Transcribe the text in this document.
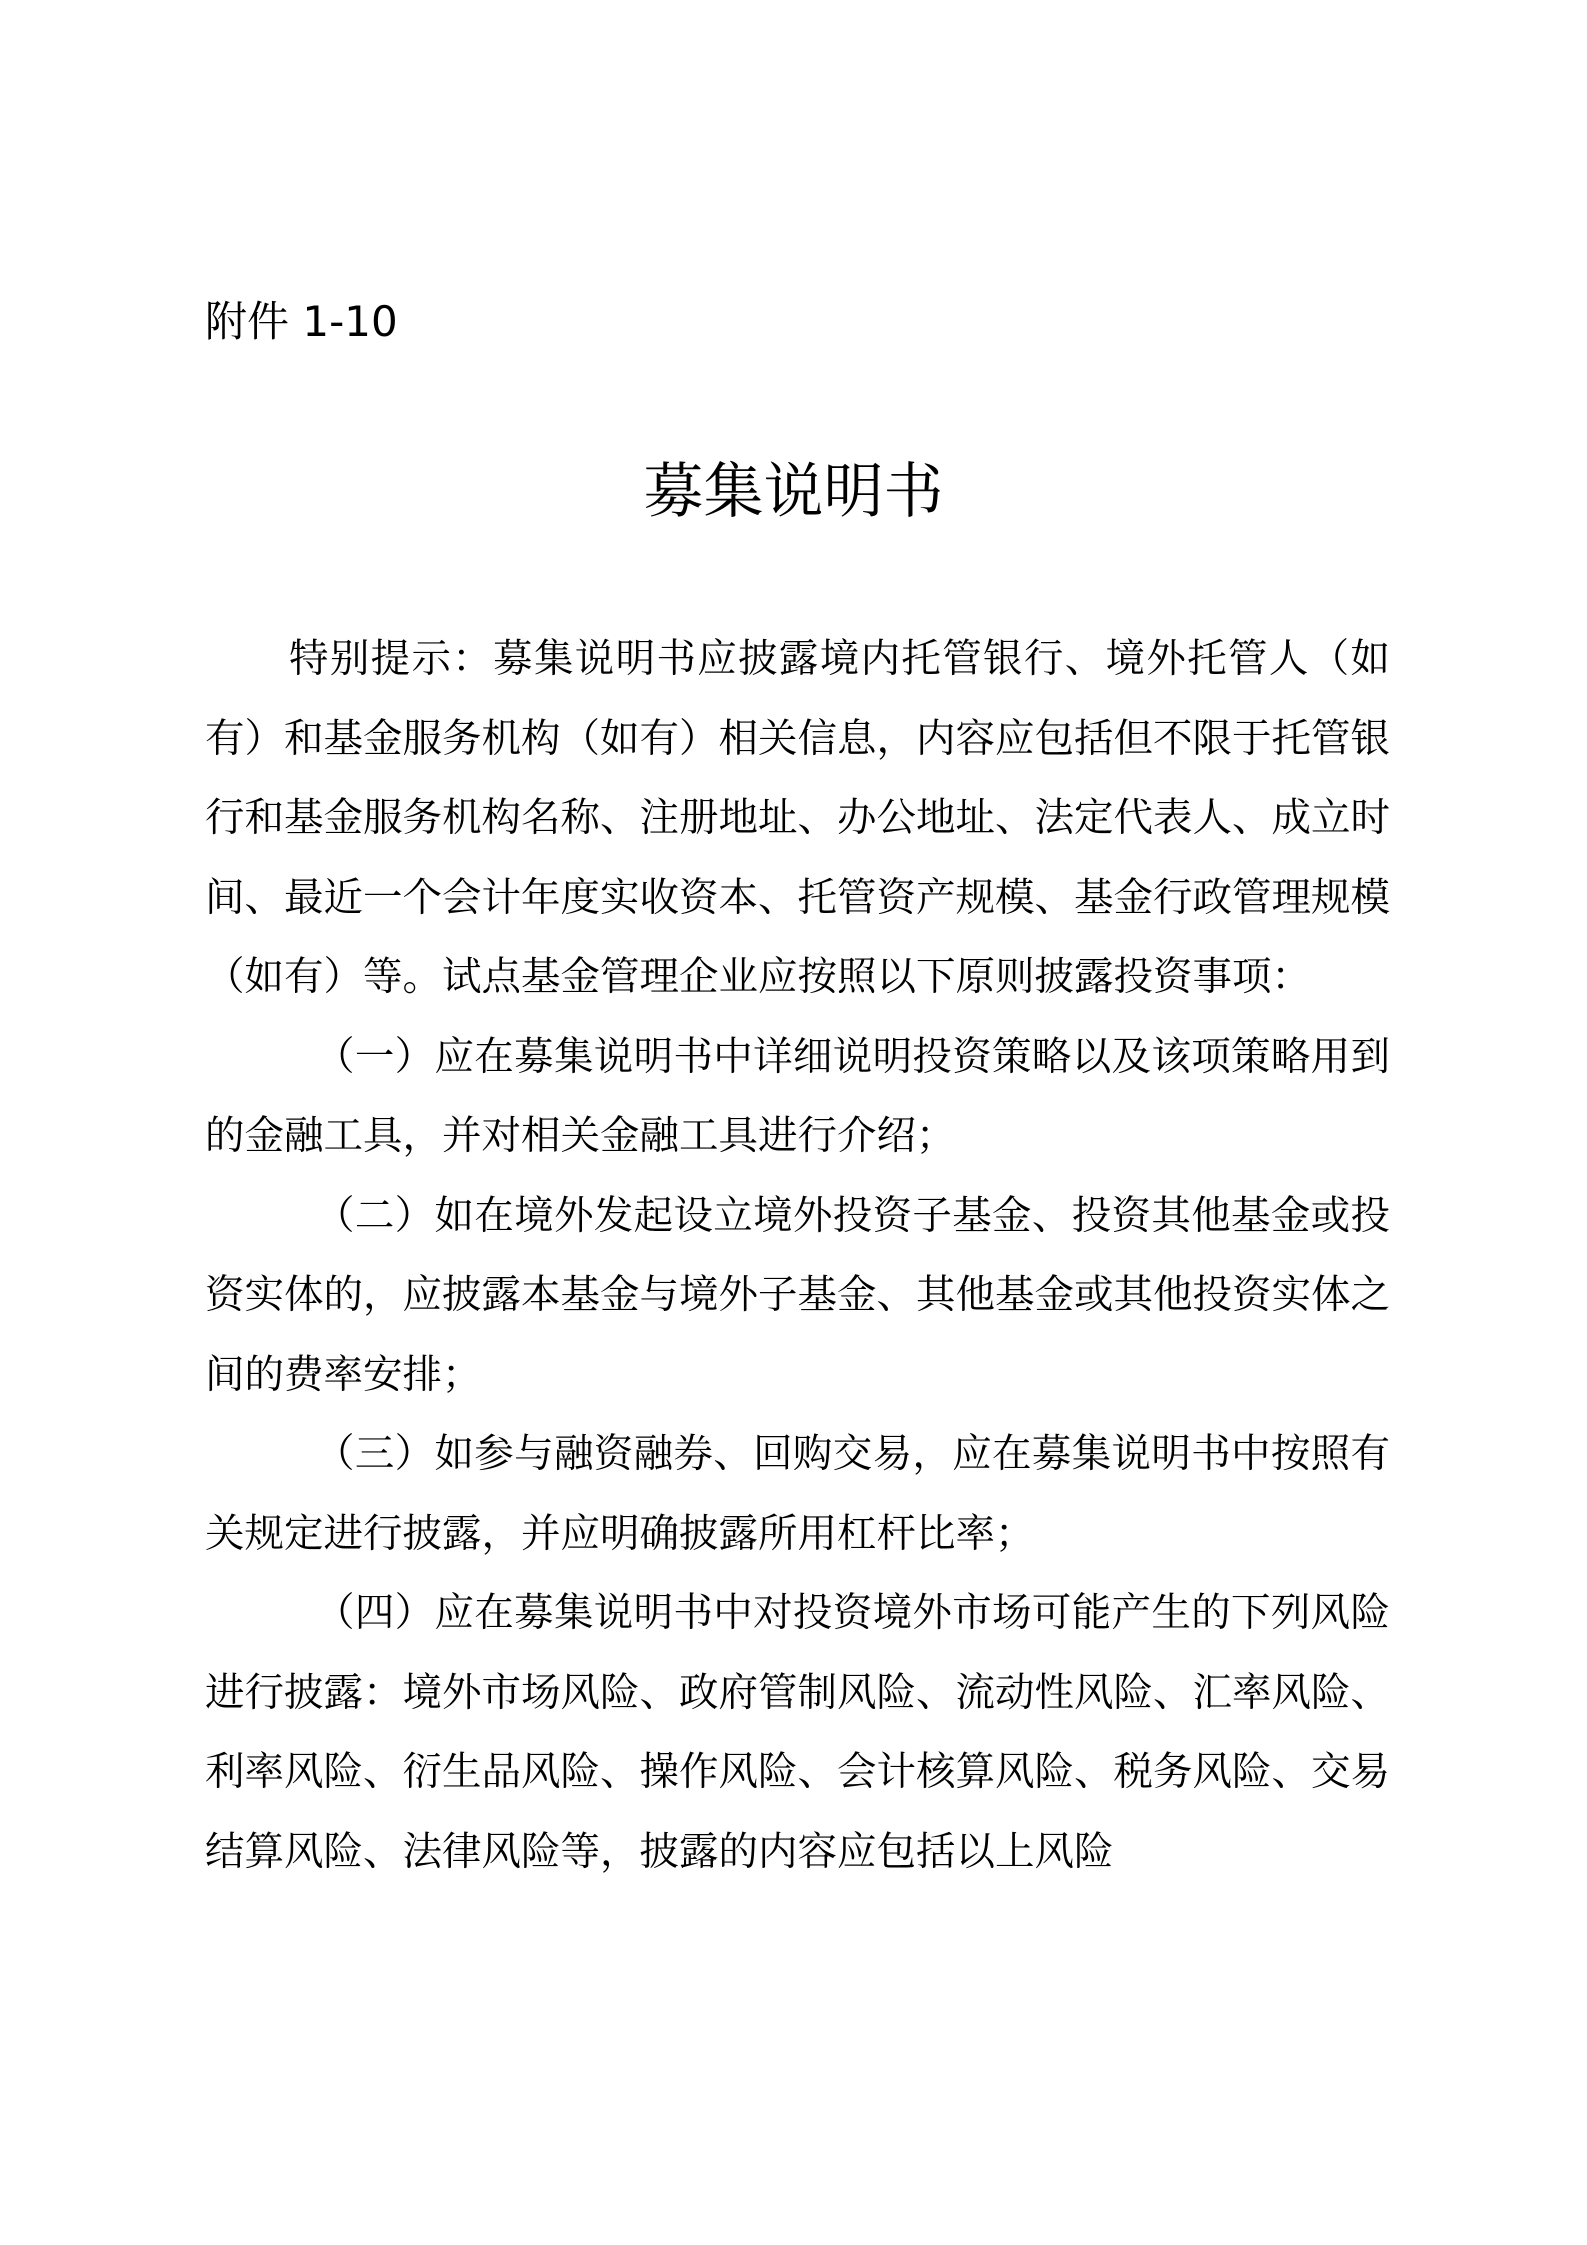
附件 1-10
募集说明书

特别提示：募集说明书应披露境内托管银行、境外托管人（如有）和基金服务机构（如有）相关信息，内容应包括但不限于托管银行和基金服务机构名称、注册地址、办公地址、法定代表人、成立时间、最近一个会计年度实收资本、托管资产规模、基金行政管理规模（如有）等。试点基金管理企业应按照以下原则披露投资事项：

（一）应在募集说明书中详细说明投资策略以及该项策略用到的金融工具，并对相关金融工具进行介绍；

（二）如在境外发起设立境外投资子基金、投资其他基金或投资实体的，应披露本基金与境外子基金、其他基金或其他投资实体之间的费率安排；

（三）如参与融资融券、回购交易，应在募集说明书中按照有关规定进行披露，并应明确披露所用杠杆比率；

（四）应在募集说明书中对投资境外市场可能产生的下列风险进行披露：境外市场风险、政府管制风险、流动性风险、汇率风险、利率风险、衍生品风险、操作风险、会计核算风险、税务风险、交易结算风险、法律风险等，披露的内容应包括以上风险
